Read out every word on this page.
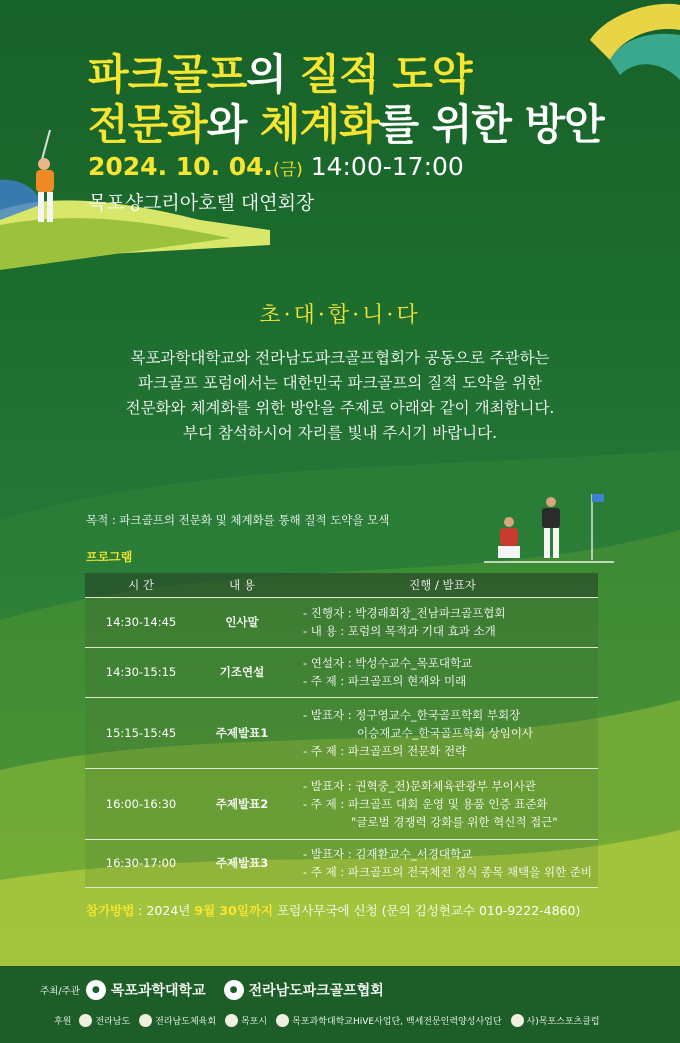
파크골프의 질적 도약
전문화와 체계화를 위한 방안
2024. 10. 04.(금) 14:00-17:00
목포샹그리아호텔 대연회장
초·대·합·니·다
목포과학대학교와 전라남도파크골프협회가 공동으로 주관하는
파크골프 포럼에서는 대한민국 파크골프의 질적 도약을 위한
전문화와 체계화를 위한 방안을 주제로 아래와 같이 개최합니다.
부디 참석하시어 자리를 빛내 주시기 바랍니다.
목적 : 파크골프의 전문화 및 체계화를 통해 질적 도약을 모색
프로그램
시 간	내 용	진행 / 발표자
14:30-14:45	인사말	- 진행자 : 박경래회장_전남파크골프협회
- 내 용 : 포럼의 목적과 기대 효과 소개

14:30-15:15	기조연설	- 연설자 : 박성수교수_목포대학교
- 주 제 : 파크골프의 현재와 미래

15:15-15:45	주제발표1	- 발표자 : 정구영교수_한국골프학회 부회장
이승재교수_한국골프학회 상임이사
- 주 제 : 파크골프의 전문화 전략

16:00-16:30	주제발표2	- 발표자 : 권혁중_전)문화체육관광부 부이사관
- 주 제 : 파크골프 대회 운영 및 용품 인증 표준화
"글로벌 경쟁력 강화를 위한 혁신적 접근"

16:30-17:00	주제발표3	- 발표자 : 김재환교수_서경대학교
- 주 제 : 파크골프의 전국체전 정식 종목 채택을 위한 준비
참가방법 : 2024년 9월 30일까지 포럼사무국에 신청 (문의 김성현교수 010-9222-4860)
주최/주관	● 목포과학대학교	● 전라남도파크골프협회
후원	전라남도	전라남도체육회	목포시	목포과학대학교HiVE사업단, 백세전문인력양성사업단	사)목포스포츠클럽
